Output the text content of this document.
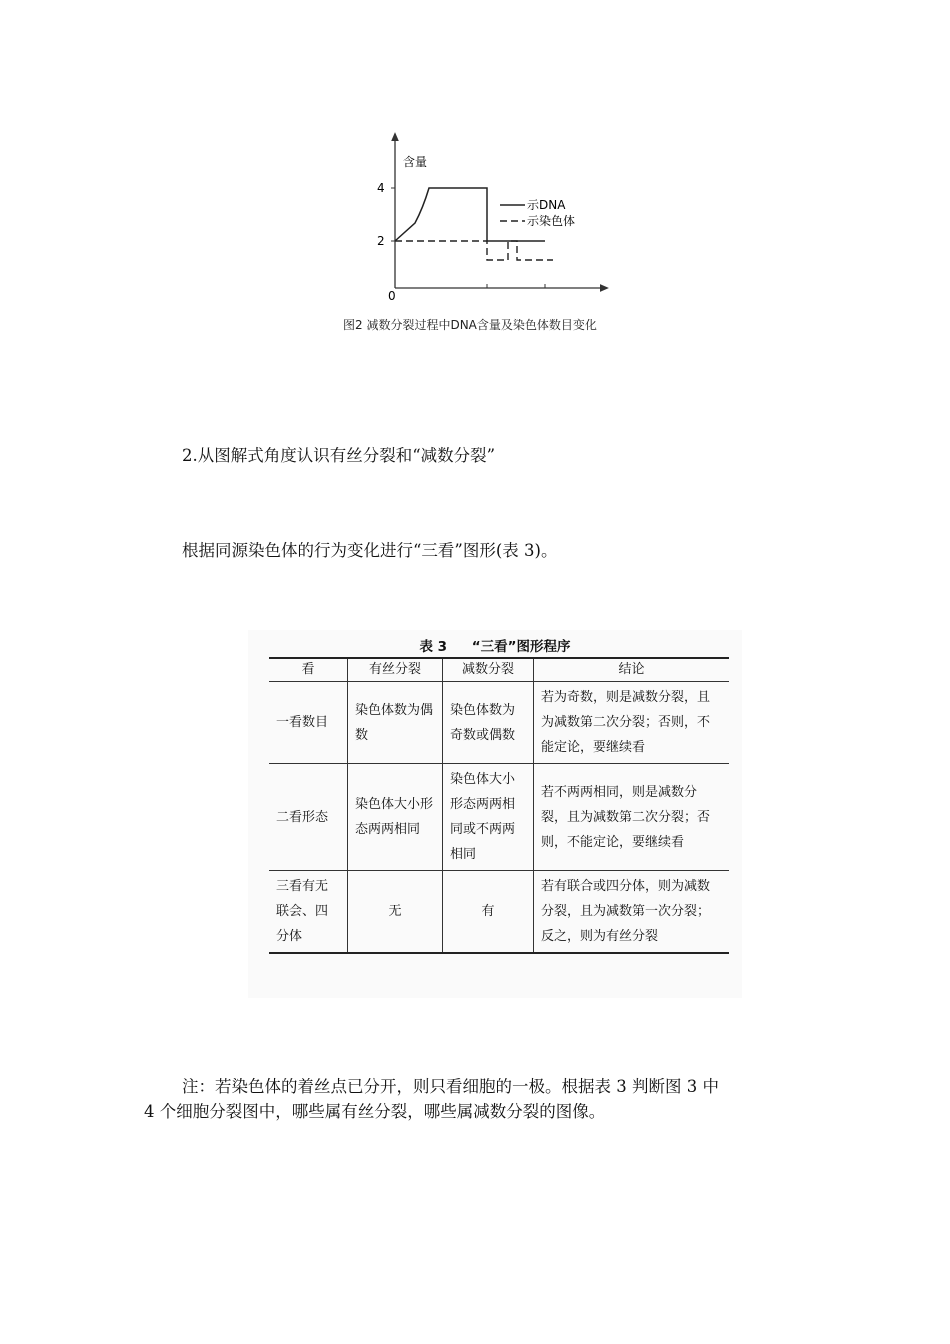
含量
4
2
0
示DNA
示染色体
图2 减数分裂过程中DNA含量及染色体数目变化
2.从图解式角度认识有丝分裂和“减数分裂”
根据同源染色体的行为变化进行“三看”图形(表 3)。
表 3 “三看”图形程序
看	有丝分裂	减数分裂	结论
一看数目	染色体数为偶数	染色体数为奇数或偶数	若为奇数，则是减数分裂，且为减数第二次分裂；否则，不能定论，要继续看
二看形态	染色体大小形态两两相同	染色体大小形态两两相同或不两两相同	若不两两相同，则是减数分裂，且为减数第二次分裂；否则，不能定论，要继续看
三看有无联会、四分体	无	有	若有联合或四分体，则为减数分裂，且为减数第一次分裂；反之，则为有丝分裂
注：若染色体的着丝点已分开，则只看细胞的一极。根据表 3 判断图 3 中
4 个细胞分裂图中，哪些属有丝分裂，哪些属减数分裂的图像。
